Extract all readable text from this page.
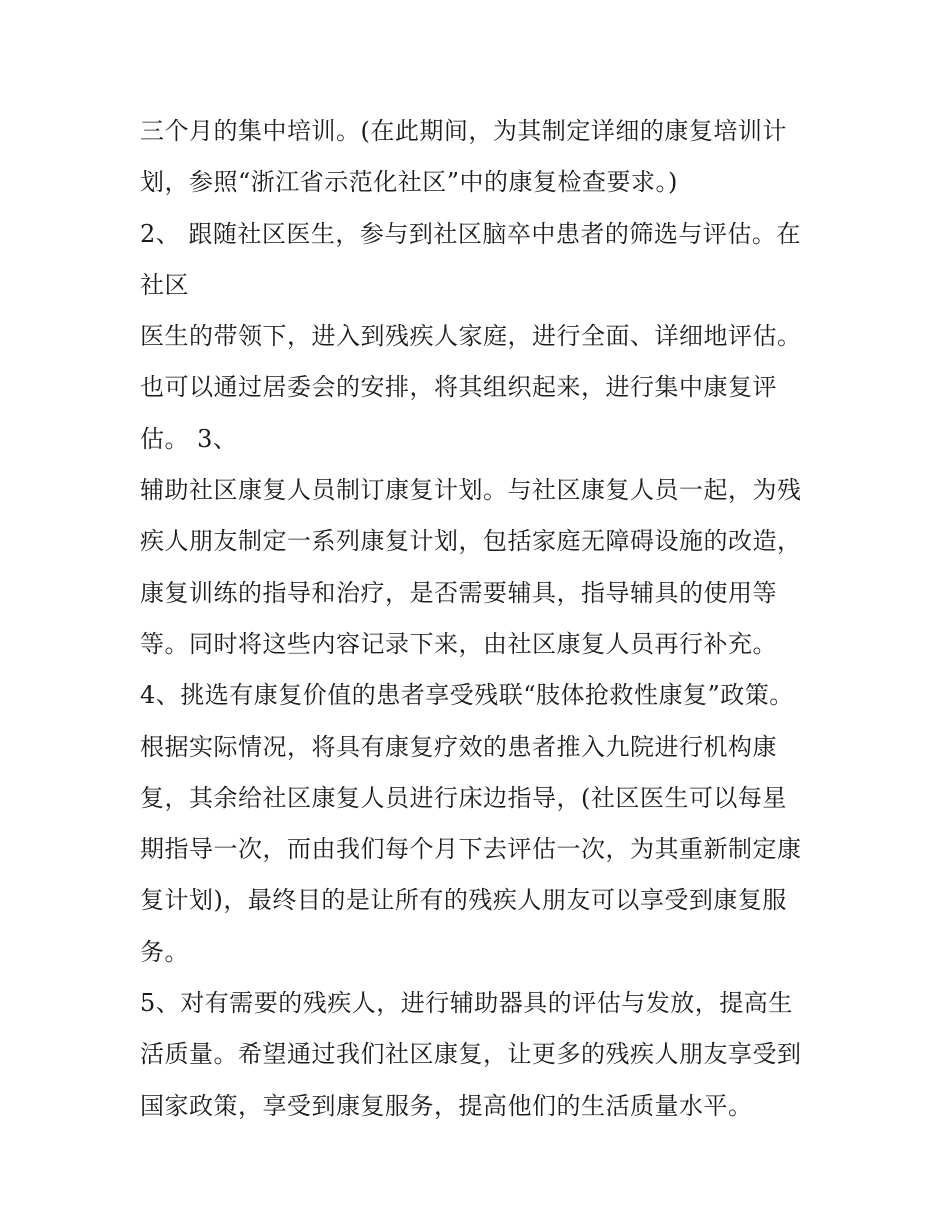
三个月的集中培训。(在此期间，为其制定详细的康复培训计
划，参照“浙江省示范化社区”中的康复检查要求。)
2、 跟随社区医生，参与到社区脑卒中患者的筛选与评估。在
社区
医生的带领下，进入到残疾人家庭，进行全面、详细地评估。
也可以通过居委会的安排，将其组织起来，进行集中康复评
估。 3、
辅助社区康复人员制订康复计划。与社区康复人员一起，为残
疾人朋友制定一系列康复计划，包括家庭无障碍设施的改造，
康复训练的指导和治疗，是否需要辅具，指导辅具的使用等
等。同时将这些内容记录下来，由社区康复人员再行补充。
4、挑选有康复价值的患者享受残联“肢体抢救性康复”政策。
根据实际情况，将具有康复疗效的患者推入九院进行机构康
复，其余给社区康复人员进行床边指导，(社区医生可以每星
期指导一次，而由我们每个月下去评估一次，为其重新制定康
复计划)，最终目的是让所有的残疾人朋友可以享受到康复服
务。
5、对有需要的残疾人，进行辅助器具的评估与发放，提高生
活质量。希望通过我们社区康复，让更多的残疾人朋友享受到
国家政策，享受到康复服务，提高他们的生活质量水平。
